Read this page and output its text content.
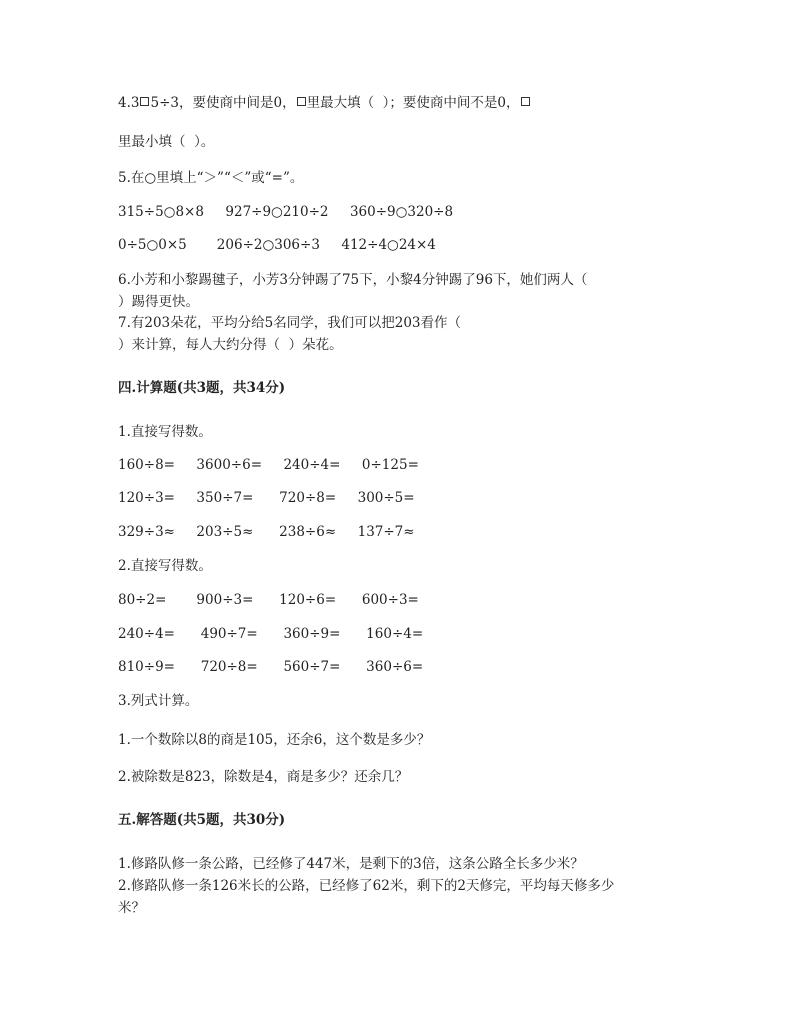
4.3 5÷3，要使商中间是0， 里最大填（  ）；要使商中间不是0，
里最小填（  ）。
5.在○里填上“＞”“＜”或“=”。
315÷5○8×8     927÷9○210÷2     360÷9○320÷8
0÷5○0×5       206÷2○306÷3     412÷4○24×4
6.小芳和小黎踢毽子，小芳3分钟踢了75下，小黎4分钟踢了96下，她们两人（
）踢得更快。
7.有203朵花，平均分给5名同学，我们可以把203看作（
）来计算，每人大约分得（  ）朵花。
四.计算题(共3题，共34分)
1.直接写得数。
160÷8=     3600÷6=     240÷4=     0÷125=
120÷3=     350÷7=      720÷8=     300÷5=
329÷3≈     203÷5≈      238÷6≈     137÷7≈
2.直接写得数。
80÷2=       900÷3=      120÷6=      600÷3=
240÷4=      490÷7=      360÷9=      160÷4=
810÷9=      720÷8=      560÷7=      360÷6=
3.列式计算。
1.一个数除以8的商是105，还余6，这个数是多少？
2.被除数是823，除数是4，商是多少？还余几？
五.解答题(共5题，共30分)
1.修路队修一条公路，已经修了447米，是剩下的3倍，这条公路全长多少米？
2.修路队修一条126米长的公路，已经修了62米，剩下的2天修完，平均每天修多少
米？
